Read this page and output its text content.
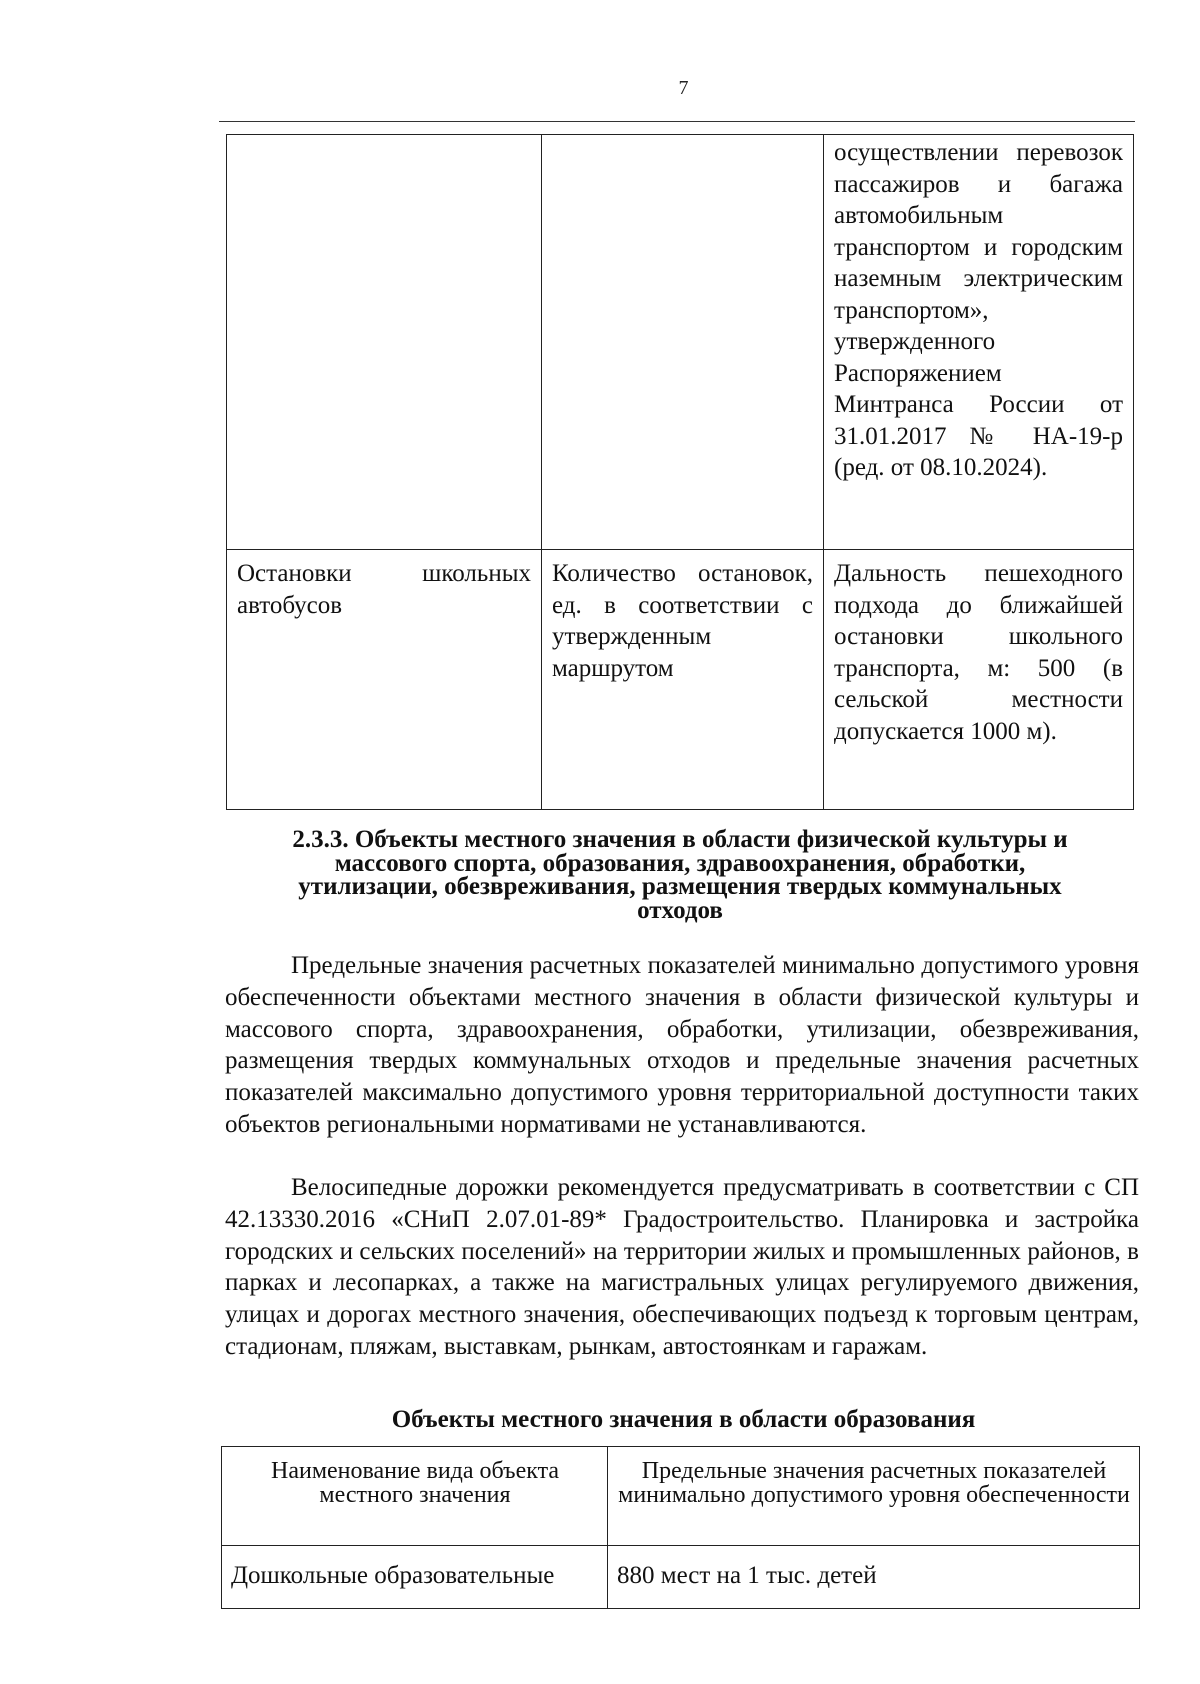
7
		осуществлении перевозок пассажиров и багажа автомобильным транспортом и городским наземным электрическим транспортом», утвержденного Распоряжением Минтранса России от 31.01.2017 № НА-19-р (ред. от 08.10.2024).
Остановки школьных автобусов	Количество остановок, ед. в соответствии с утвержденным маршрутом	Дальность пешеходного подхода до ближайшей остановки школьного транспорта, м: 500 (в сельской местности допускается 1000 м).
2.3.3. Объекты местного значения в области физической культуры и
массового спорта, образования, здравоохранения, обработки,
утилизации, обезвреживания, размещения твердых коммунальных
отходов

Предельные значения расчетных показателей минимально допустимого уровня обеспеченности объектами местного значения в области физической культуры и массового спорта, здравоохранения, обработки, утилизации, обезвреживания, размещения твердых коммунальных отходов и предельные значения расчетных показателей максимально допустимого уровня территориальной доступности таких объектов региональными нормативами не устанавливаются.

Велосипедные дорожки рекомендуется предусматривать в соответствии с СП 42.13330.2016 «СНиП 2.07.01-89* Градостроительство. Планировка и застройка городских и сельских поселений» на территории жилых и промышленных районов, в парках и лесопарках, а также на магистральных улицах регулируемого движения, улицах и дорогах местного значения, обеспечивающих подъезд к торговым центрам, стадионам, пляжам, выставкам, рынкам, автостоянкам и гаражам.

Объекты местного значения в области образования
Наименование вида объекта местного значения	Предельные значения расчетных показателей минимально допустимого уровня обеспеченности
Дошкольные образовательные	880 мест на 1 тыс. детей
